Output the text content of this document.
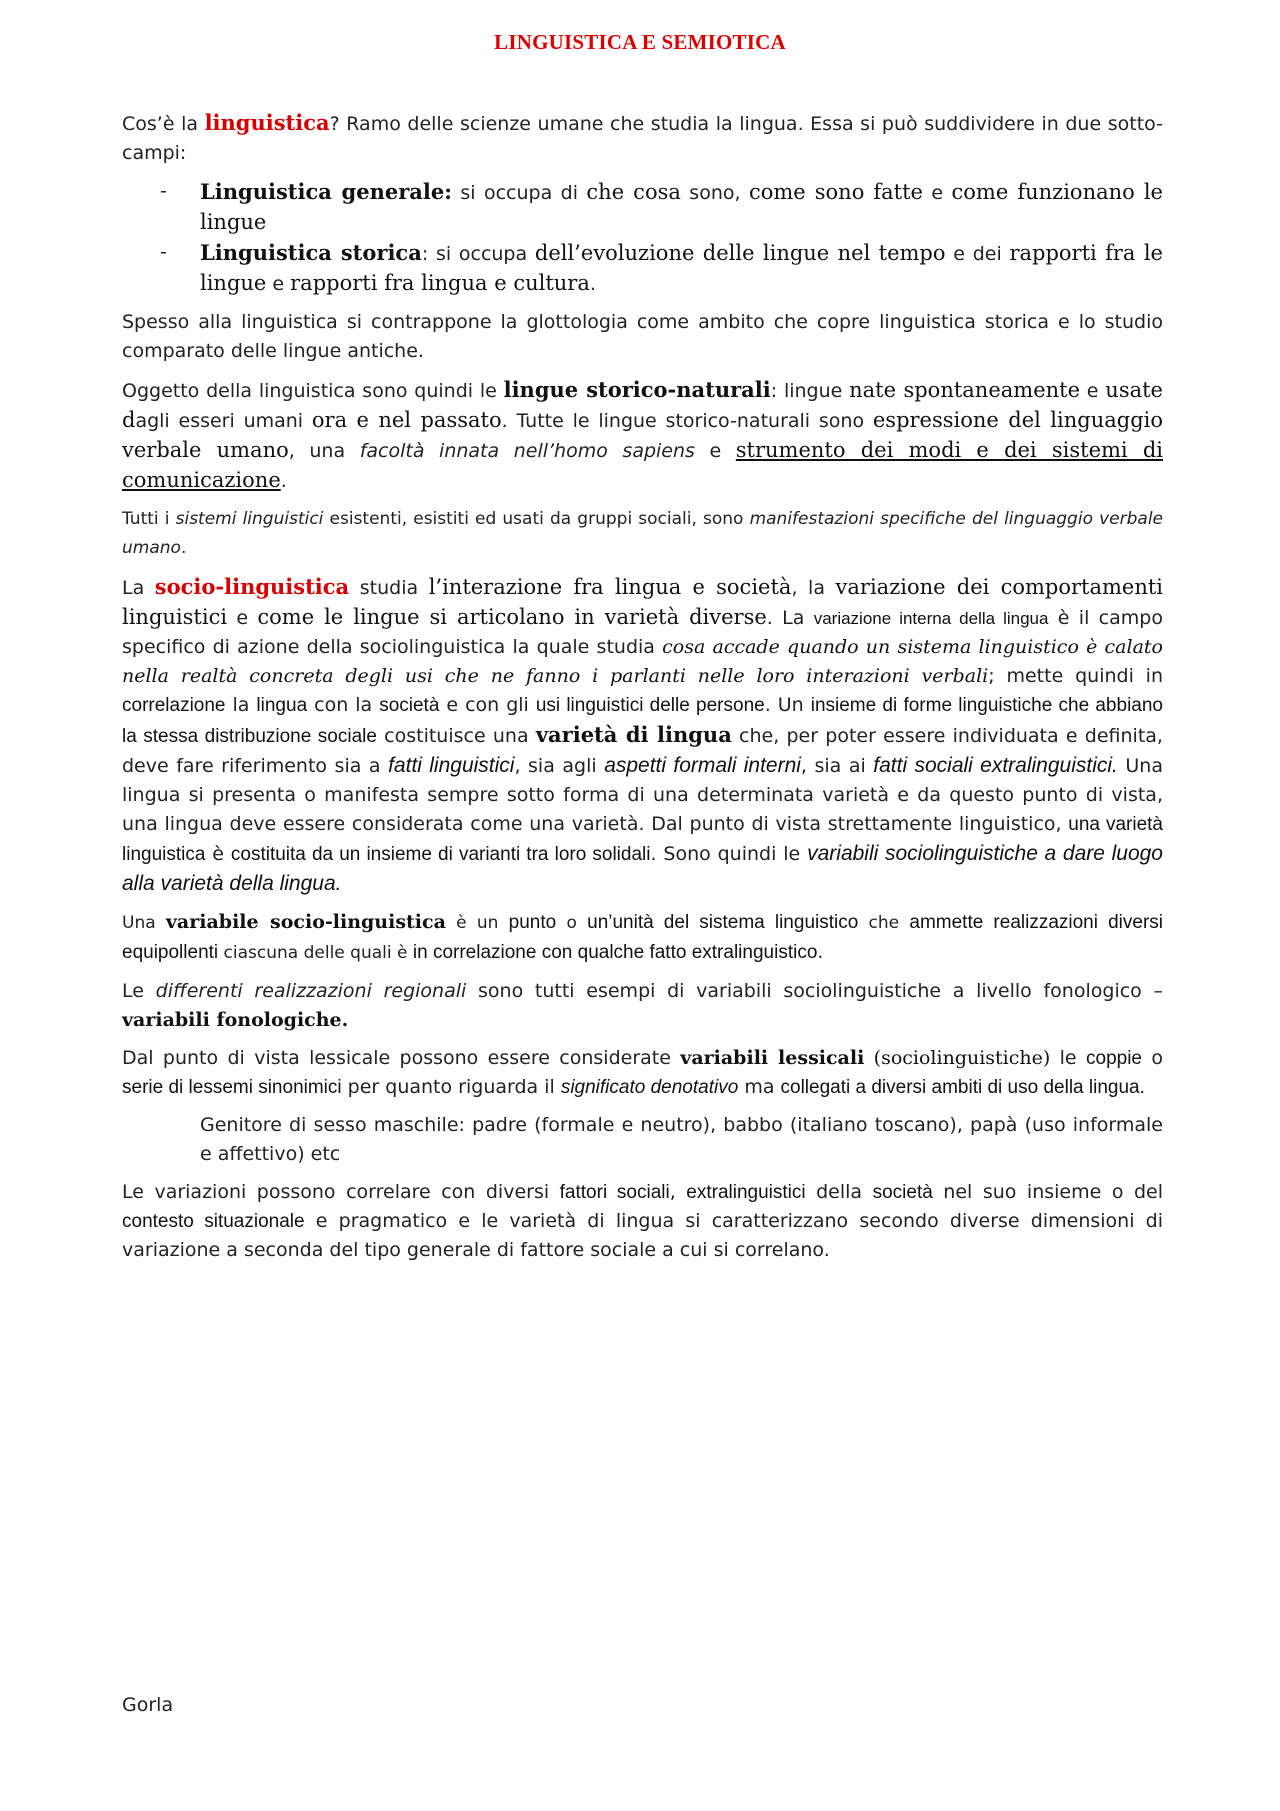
LINGUISTICA E SEMIOTICA

Cos’è la linguistica? Ramo delle scienze umane che studia la lingua. Essa si può suddividere in due sotto-campi:

- Linguistica generale: si occupa di che cosa sono, come sono fatte e come funzionano le lingue
- Linguistica storica: si occupa dell’evoluzione delle lingue nel tempo e dei rapporti fra le lingue e rapporti fra lingua e cultura.

Spesso alla linguistica si contrappone la glottologia come ambito che copre linguistica storica e lo studio comparato delle lingue antiche.

Oggetto della linguistica sono quindi le lingue storico-naturali: lingue nate spontaneamente e usate dagli esseri umani ora e nel passato. Tutte le lingue storico-naturali sono espressione del linguaggio verbale umano, una facoltà innata nell’homo sapiens e strumento dei modi e dei sistemi di comunicazione.

Tutti i sistemi linguistici esistenti, esistiti ed usati da gruppi sociali, sono manifestazioni specifiche del linguaggio verbale umano.

La socio-linguistica studia l’interazione fra lingua e società, la variazione dei comportamenti linguistici e come le lingue si articolano in varietà diverse. La variazione interna della lingua è il campo specifico di azione della sociolinguistica la quale studia cosa accade quando un sistema linguistico è calato nella realtà concreta degli usi che ne fanno i parlanti nelle loro interazioni verbali; mette quindi in correlazione la lingua con la società e con gli usi linguistici delle persone. Un insieme di forme linguistiche che abbiano la stessa distribuzione sociale costituisce una varietà di lingua che, per poter essere individuata e definita, deve fare riferimento sia a fatti linguistici, sia agli aspetti formali interni, sia ai fatti sociali extralinguistici. Una lingua si presenta o manifesta sempre sotto forma di una determinata varietà e da questo punto di vista, una lingua deve essere considerata come una varietà. Dal punto di vista strettamente linguistico, una varietà linguistica è costituita da un insieme di varianti tra loro solidali. Sono quindi le variabili sociolinguistiche a dare luogo alla varietà della lingua.

Una variabile socio-linguistica è un punto o un’unità del sistema linguistico che ammette realizzazioni diversi equipollenti ciascuna delle quali è in correlazione con qualche fatto extralinguistico.

Le differenti realizzazioni regionali sono tutti esempi di variabili sociolinguistiche a livello fonologico – variabili fonologiche.

Dal punto di vista lessicale possono essere considerate variabili lessicali (sociolinguistiche) le coppie o serie di lessemi sinonimici per quanto riguarda il significato denotativo ma collegati a diversi ambiti di uso della lingua.

Genitore di sesso maschile: padre (formale e neutro), babbo (italiano toscano), papà (uso informale e affettivo) etc

Le variazioni possono correlare con diversi fattori sociali, extralinguistici della società nel suo insieme o del contesto situazionale e pragmatico e le varietà di lingua si caratterizzano secondo diverse dimensioni di variazione a seconda del tipo generale di fattore sociale a cui si correlano.

Gorla
